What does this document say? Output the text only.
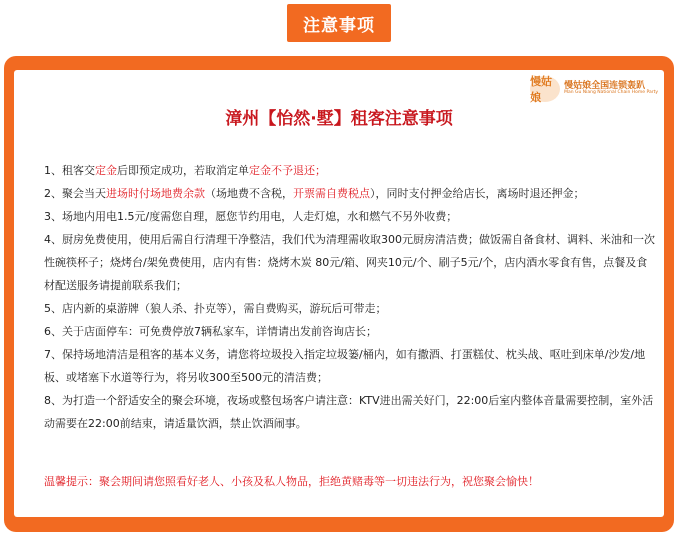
注意事项
慢姑娘
慢姑娘全国连锁轰趴
Man Gu Niang National Chain Home Party
漳州【怡然·墅】租客注意事项
1、租客交定金后即预定成功，若取消定单定金不予退还；
2、聚会当天进场时付场地费余款（场地费不含税，开票需自费税点），同时支付押金给店长，离场时退还押金；
3、场地内用电1.5元/度需您自理，愿您节约用电，人走灯熄，水和燃气不另外收费；
4、厨房免费使用，使用后需自行清理干净整洁，我们代为清理需收取300元厨房清洁费；做饭需自备食材、调料、米油和一次性碗筷杯子；烧烤台/架免费使用，店内有售：烧烤木炭 80元/箱、网夹10元/个、刷子5元/个，店内酒水零食有售，点餐及食材配送服务请提前联系我们；
5、店内新的桌游牌（狼人杀、扑克等），需自费购买，游玩后可带走；
6、关于店面停车：可免费停放7辆私家车，详情请出发前咨询店长；
7、保持场地清洁是租客的基本义务，请您将垃圾投入指定垃圾篓/桶内，如有撒酒、打蛋糕仗、枕头战、呕吐到床单/沙发/地板、或堵塞下水道等行为，将另收300至500元的清洁费；
8、为打造一个舒适安全的聚会环境，夜场或整包场客户请注意：KTV进出需关好门，22:00后室内整体音量需要控制，室外活动需要在22:00前结束，请适量饮酒，禁止饮酒闹事。

温馨提示：聚会期间请您照看好老人、小孩及私人物品，拒绝黄赌毒等一切违法行为，祝您聚会愉快！
